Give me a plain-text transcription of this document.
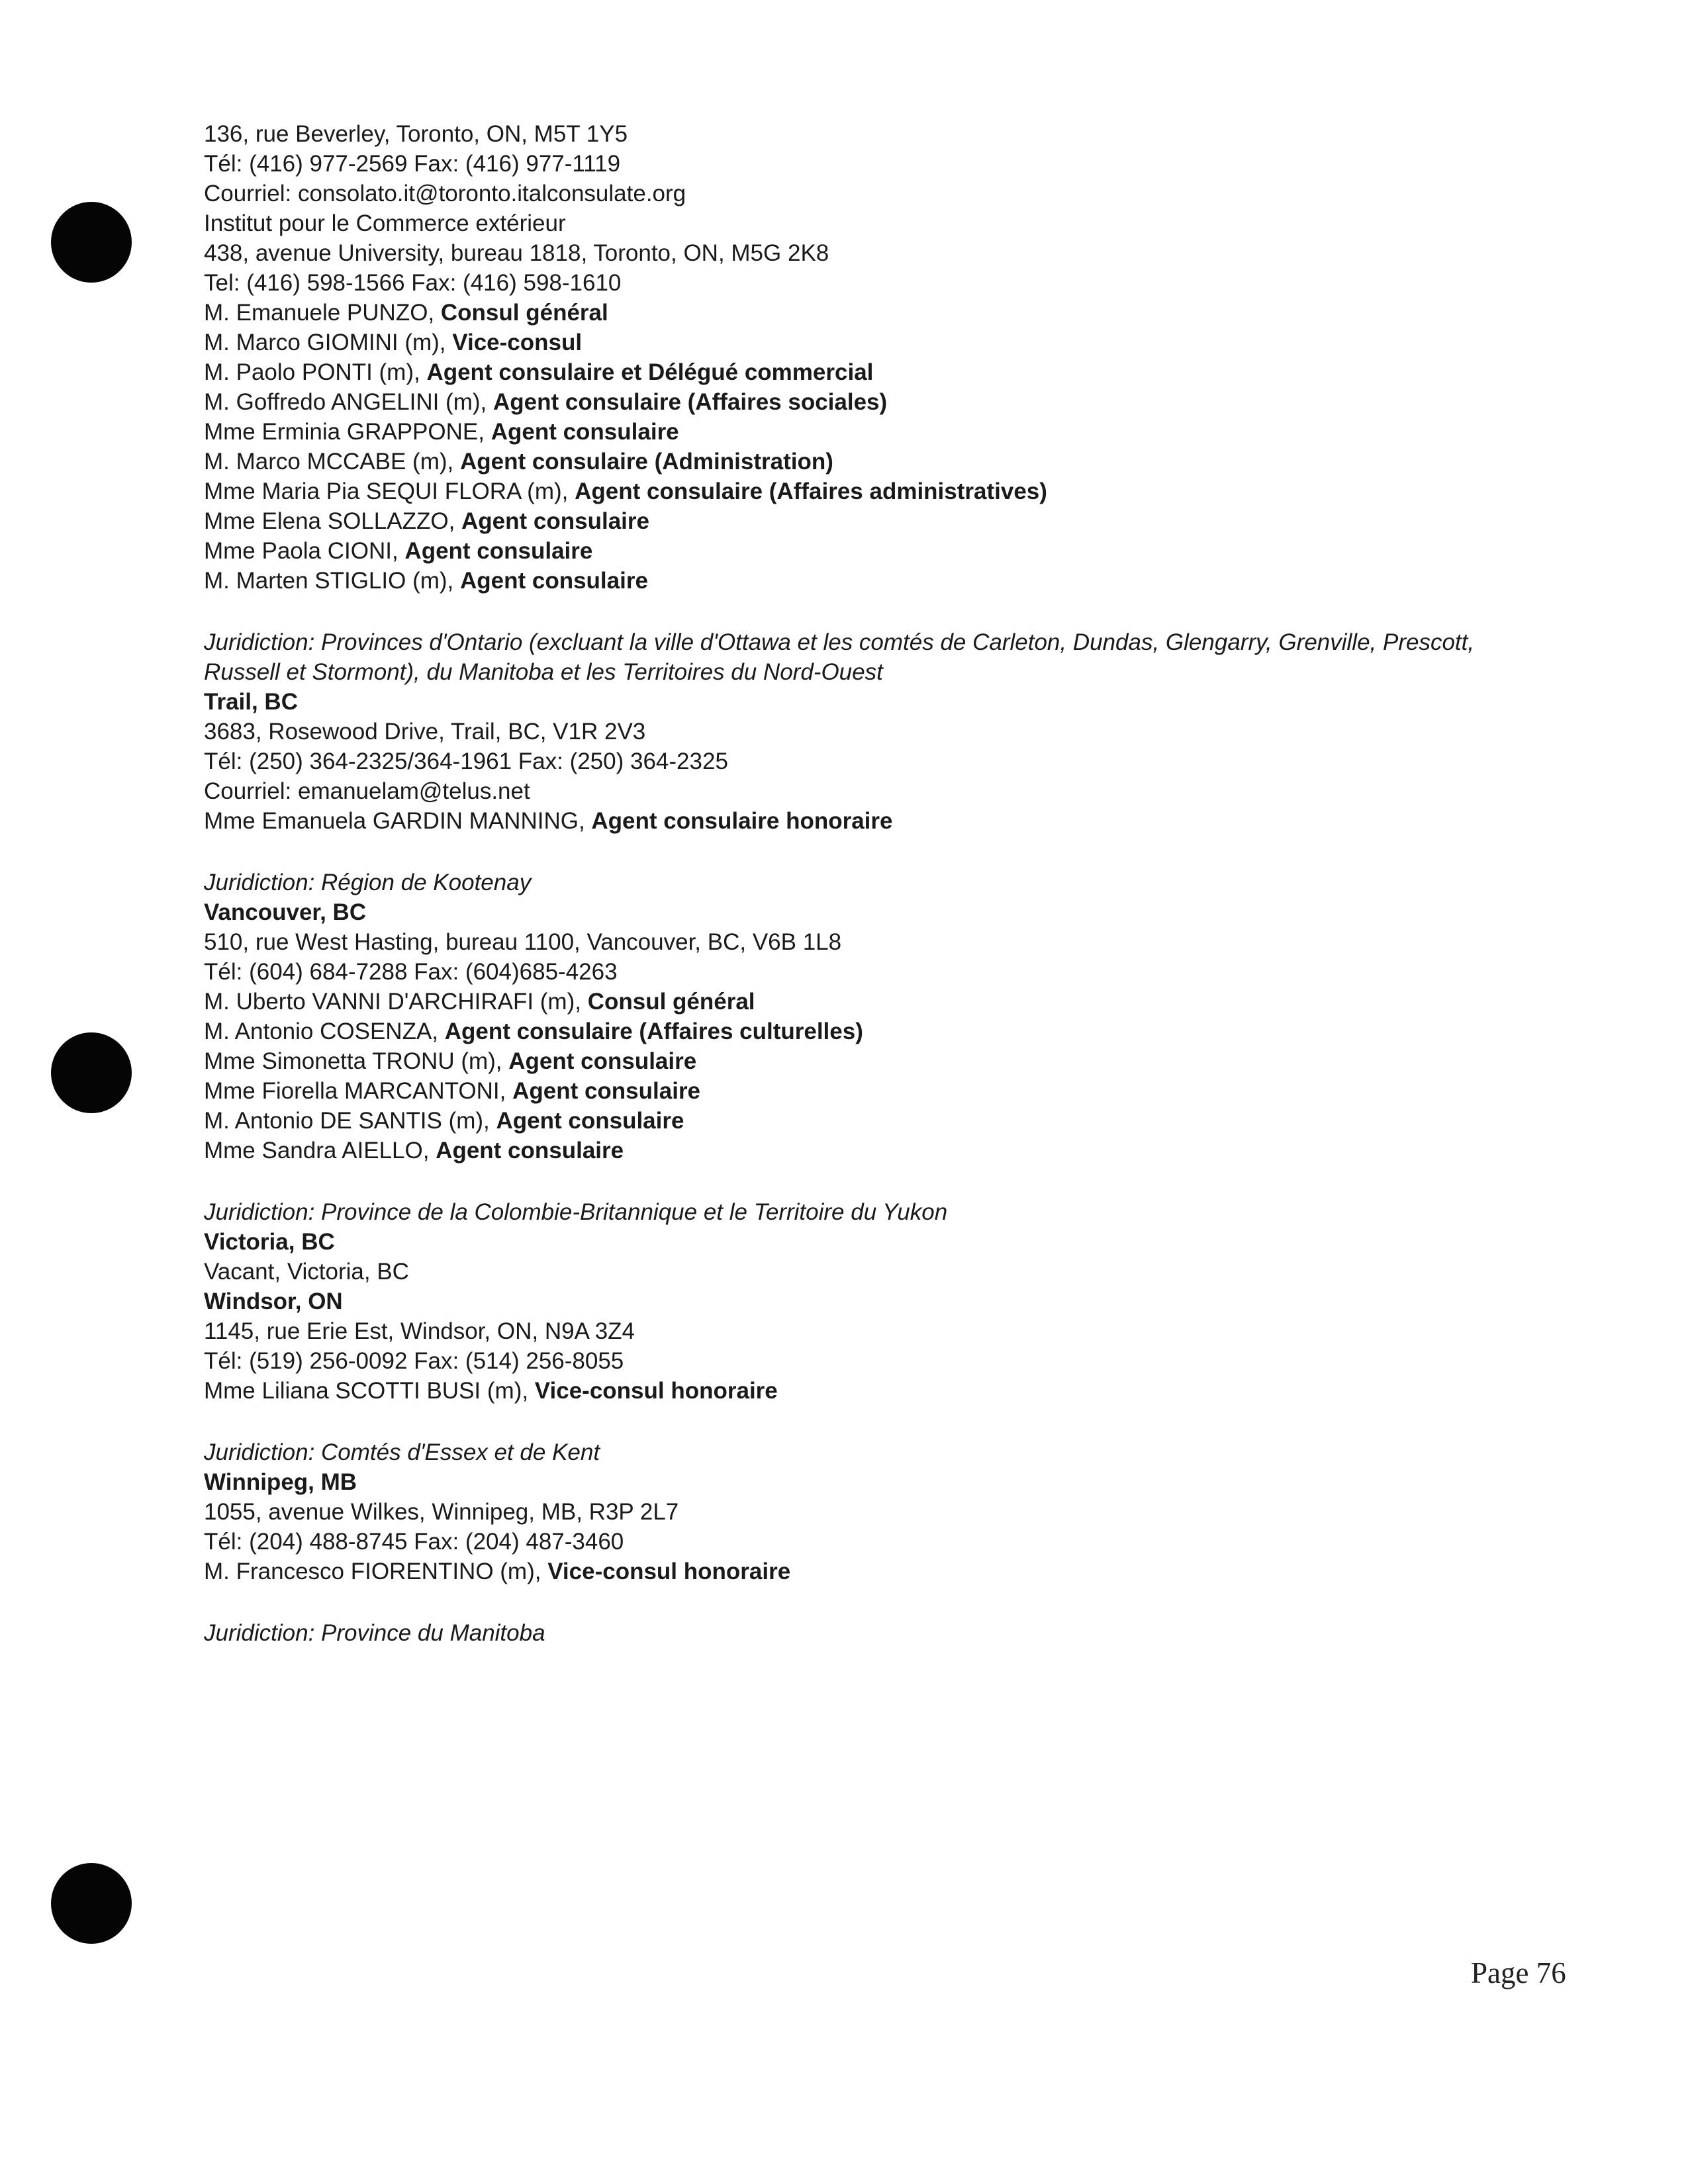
136, rue Beverley, Toronto, ON, M5T 1Y5
Tél: (416) 977-2569 Fax: (416) 977-1119
Courriel: consolato.it@toronto.italconsulate.org
Institut pour le Commerce extérieur
438, avenue University, bureau 1818, Toronto, ON, M5G 2K8
Tel: (416) 598-1566 Fax: (416) 598-1610
M. Emanuele PUNZO, Consul général
M. Marco GIOMINI (m), Vice-consul
M. Paolo PONTI (m), Agent consulaire et Délégué commercial
M. Goffredo ANGELINI (m), Agent consulaire (Affaires sociales)
Mme Erminia GRAPPONE, Agent consulaire
M. Marco MCCABE (m), Agent consulaire (Administration)
Mme Maria Pia SEQUI FLORA (m), Agent consulaire (Affaires administratives)
Mme Elena SOLLAZZO, Agent consulaire
Mme Paola CIONI, Agent consulaire
M. Marten STIGLIO (m), Agent consulaire
Juridiction: Provinces d'Ontario (excluant la ville d'Ottawa et les comtés de Carleton, Dundas, Glengarry, Grenville, Prescott, Russell et Stormont), du Manitoba et les Territoires du Nord-Ouest
Trail, BC
3683, Rosewood Drive, Trail, BC, V1R 2V3
Tél: (250) 364-2325/364-1961 Fax: (250) 364-2325
Courriel: emanuelam@telus.net
Mme Emanuela GARDIN MANNING, Agent consulaire honoraire
Juridiction: Région de Kootenay
Vancouver, BC
510, rue West Hasting, bureau 1100, Vancouver, BC, V6B 1L8
Tél: (604) 684-7288 Fax: (604)685-4263
M. Uberto VANNI D'ARCHIRAFI (m), Consul général
M. Antonio COSENZA, Agent consulaire (Affaires culturelles)
Mme Simonetta TRONU (m), Agent consulaire
Mme Fiorella MARCANTONI, Agent consulaire
M. Antonio DE SANTIS (m), Agent consulaire
Mme Sandra AIELLO, Agent consulaire
Juridiction: Province de la Colombie-Britannique et le Territoire du Yukon
Victoria, BC
Vacant, Victoria, BC
Windsor, ON
1145, rue Erie Est, Windsor, ON, N9A 3Z4
Tél: (519) 256-0092 Fax: (514) 256-8055
Mme Liliana SCOTTI BUSI (m), Vice-consul honoraire
Juridiction: Comtés d'Essex et de Kent
Winnipeg, MB
1055, avenue Wilkes, Winnipeg, MB, R3P 2L7
Tél: (204) 488-8745 Fax: (204) 487-3460
M. Francesco FIORENTINO (m), Vice-consul honoraire
Juridiction: Province du Manitoba
Page 76
